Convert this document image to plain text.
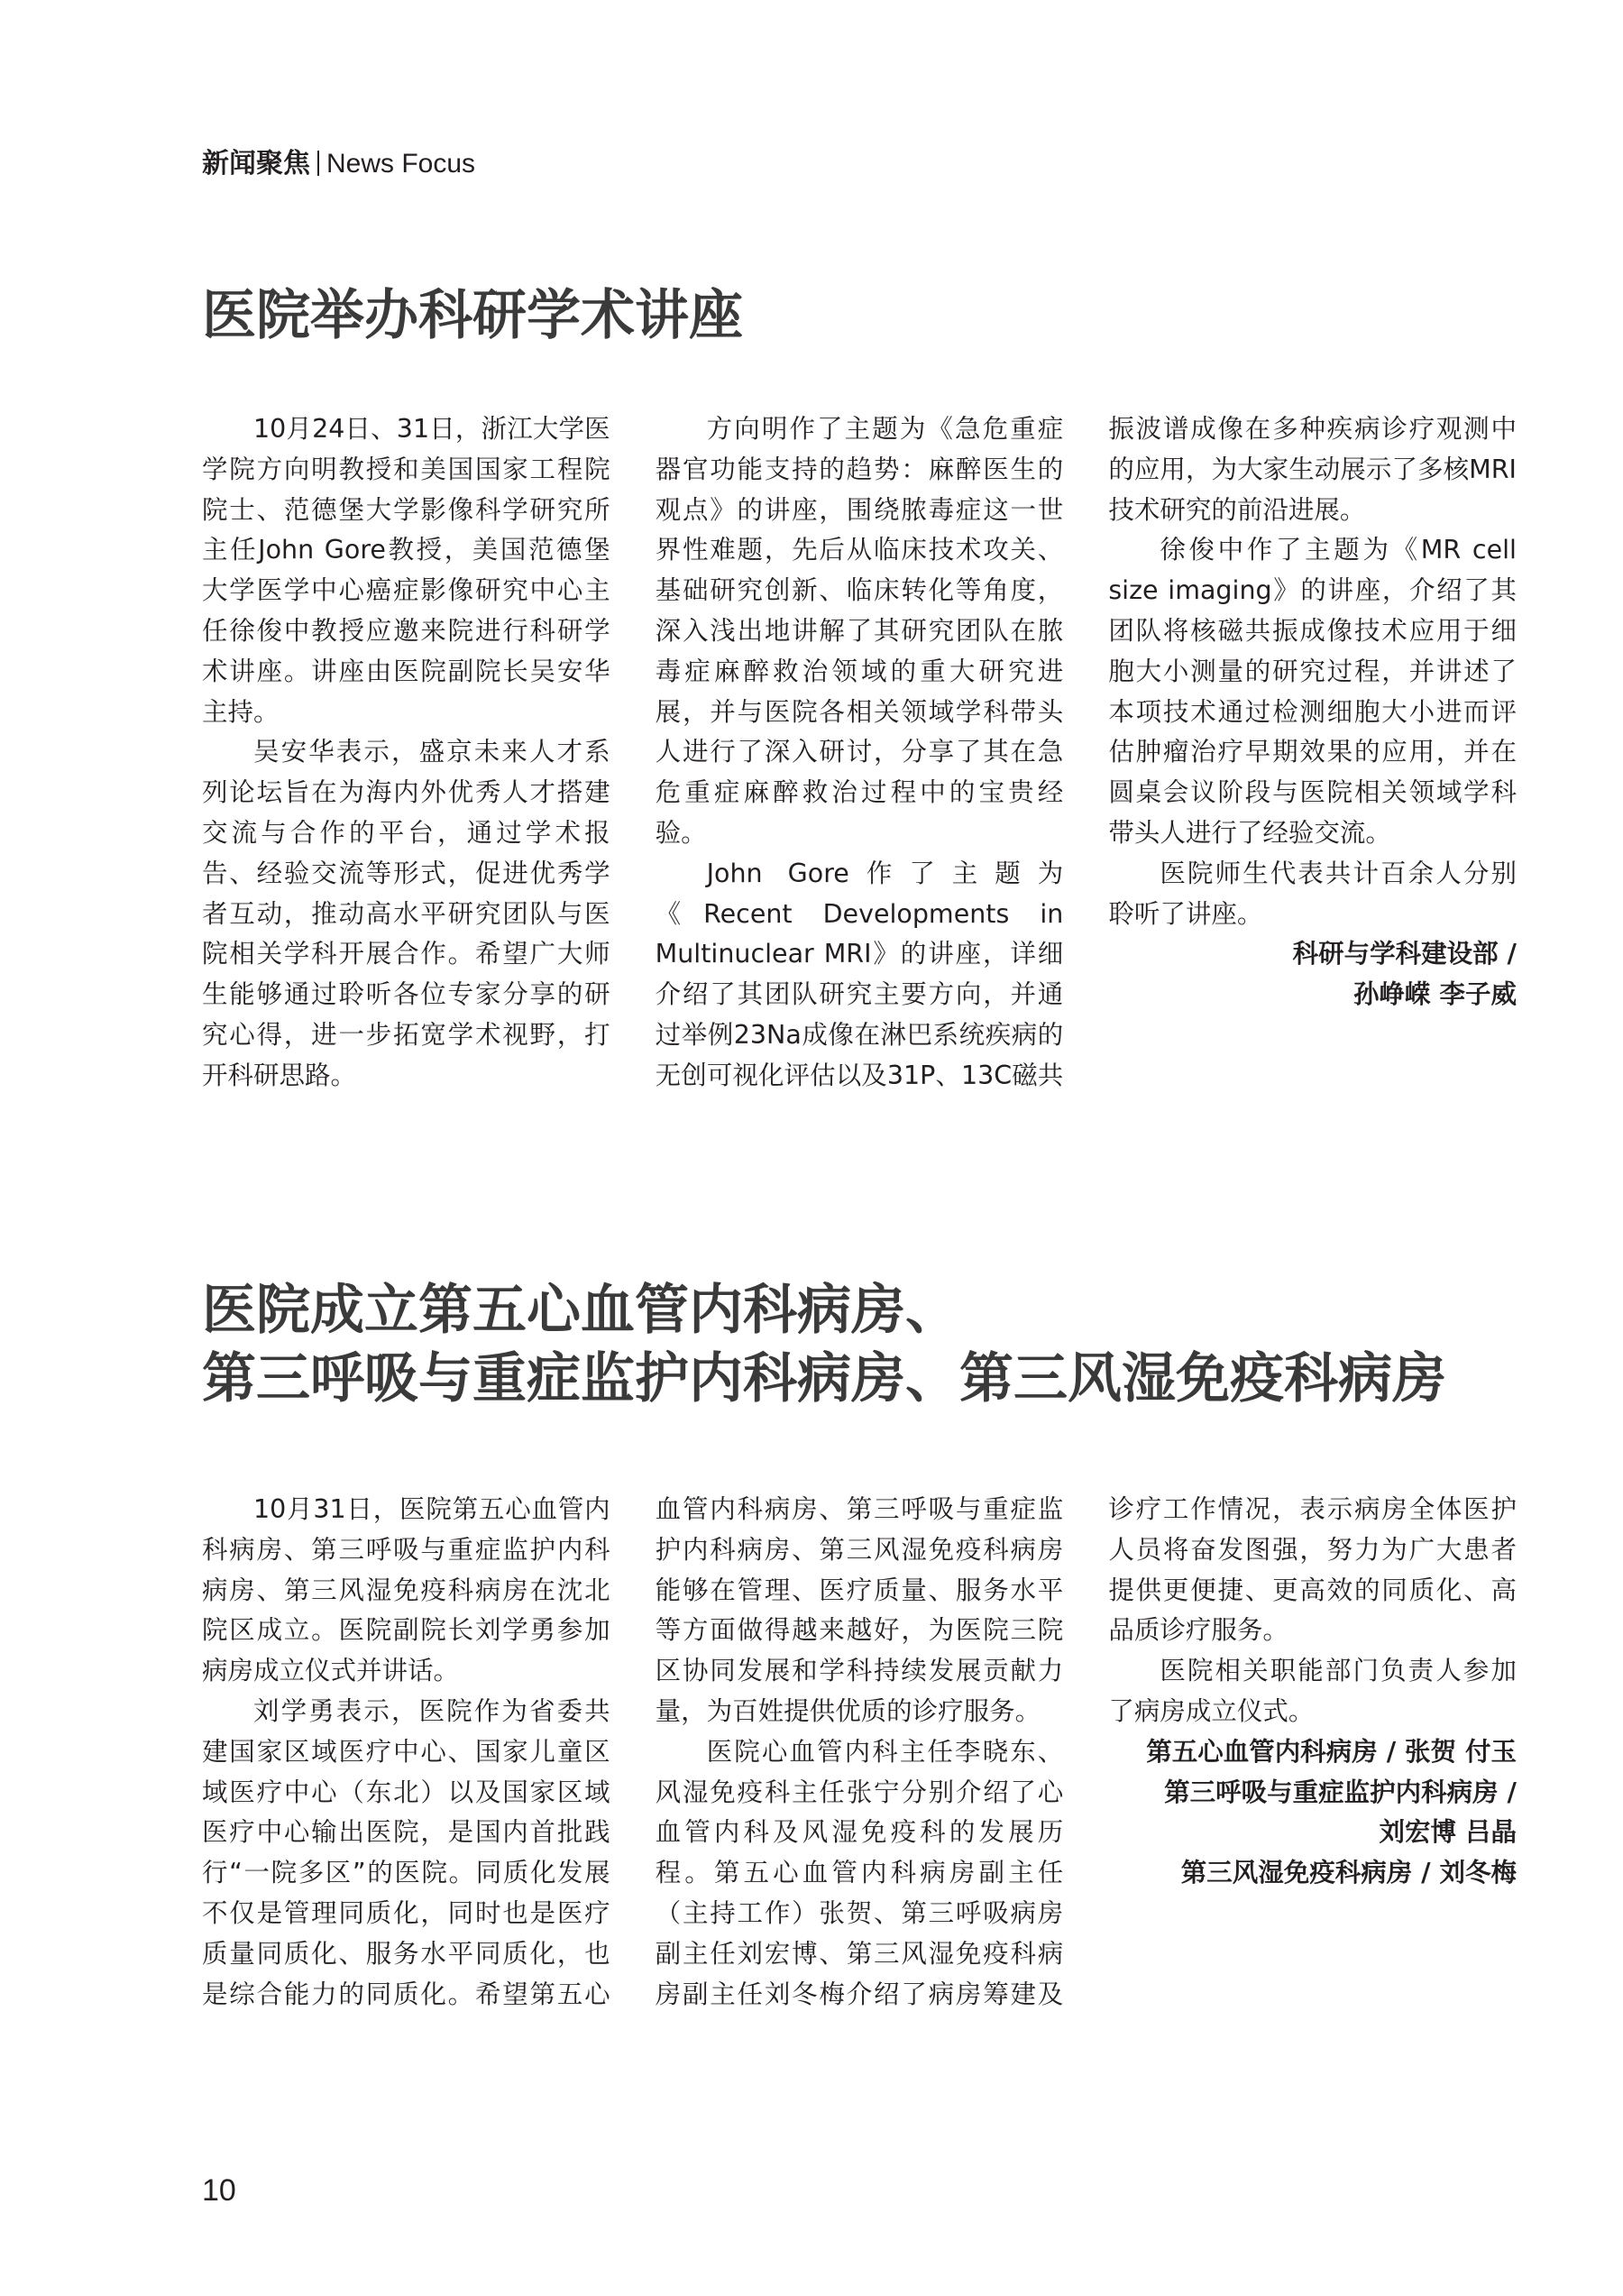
新闻聚焦 News Focus
医院举办科研学术讲座

10月24日、31日，浙江大学医学院方向明教授和美国国家工程院院士、范德堡大学影像科学研究所主任John Gore教授，美国范德堡大学医学中心癌症影像研究中心主任徐俊中教授应邀来院进行科研学术讲座。讲座由医院副院长吴安华主持。

吴安华表示，盛京未来人才系列论坛旨在为海内外优秀人才搭建交流与合作的平台，通过学术报告、经验交流等形式，促进优秀学者互动，推动高水平研究团队与医院相关学科开展合作。希望广大师生能够通过聆听各位专家分享的研究心得，进一步拓宽学术视野，打开科研思路。

方向明作了主题为《急危重症器官功能支持的趋势：麻醉医生的观点》的讲座，围绕脓毒症这一世界性难题，先后从临床技术攻关、基础研究创新、临床转化等角度，深入浅出地讲解了其研究团队在脓毒症麻醉救治领域的重大研究进展，并与医院各相关领域学科带头人进行了深入研讨，分享了其在急危重症麻醉救治过程中的宝贵经验。

John Gore作了主题为《Recent Developments in Multinuclear MRI》的讲座，详细介绍了其团队研究主要方向，并通过举例23Na成像在淋巴系统疾病的无创可视化评估以及31P、13C磁共振波谱成像在多种疾病诊疗观测中的应用，为大家生动展示了多核MRI技术研究的前沿进展。

徐俊中作了主题为《MR cell size imaging》的讲座，介绍了其团队将核磁共振成像技术应用于细胞大小测量的研究过程，并讲述了本项技术通过检测细胞大小进而评估肿瘤治疗早期效果的应用，并在圆桌会议阶段与医院相关领域学科带头人进行了经验交流。

医院师生代表共计百余人分别聆听了讲座。

科研与学科建设部 /

孙峥嵘 李子威

医院成立第五心血管内科病房、
第三呼吸与重症监护内科病房、第三风湿免疫科病房

10月31日，医院第五心血管内科病房、第三呼吸与重症监护内科病房、第三风湿免疫科病房在沈北院区成立。医院副院长刘学勇参加病房成立仪式并讲话。

刘学勇表示，医院作为省委共建国家区域医疗中心、国家儿童区域医疗中心（东北）以及国家区域医疗中心输出医院，是国内首批践行“一院多区”的医院。同质化发展不仅是管理同质化，同时也是医疗质量同质化、服务水平同质化，也是综合能力的同质化。希望第五心血管内科病房、第三呼吸与重症监护内科病房、第三风湿免疫科病房能够在管理、医疗质量、服务水平等方面做得越来越好，为医院三院区协同发展和学科持续发展贡献力量，为百姓提供优质的诊疗服务。

医院心血管内科主任李晓东、风湿免疫科主任张宁分别介绍了心血管内科及风湿免疫科的发展历程。第五心血管内科病房副主任（主持工作）张贺、第三呼吸病房副主任刘宏博、第三风湿免疫科病房副主任刘冬梅介绍了病房筹建及诊疗工作情况，表示病房全体医护人员将奋发图强，努力为广大患者提供更便捷、更高效的同质化、高品质诊疗服务。

医院相关职能部门负责人参加了病房成立仪式。

第五心血管内科病房 / 张贺 付玉

第三呼吸与重症监护内科病房 /

刘宏博 吕晶

第三风湿免疫科病房 / 刘冬梅

10
